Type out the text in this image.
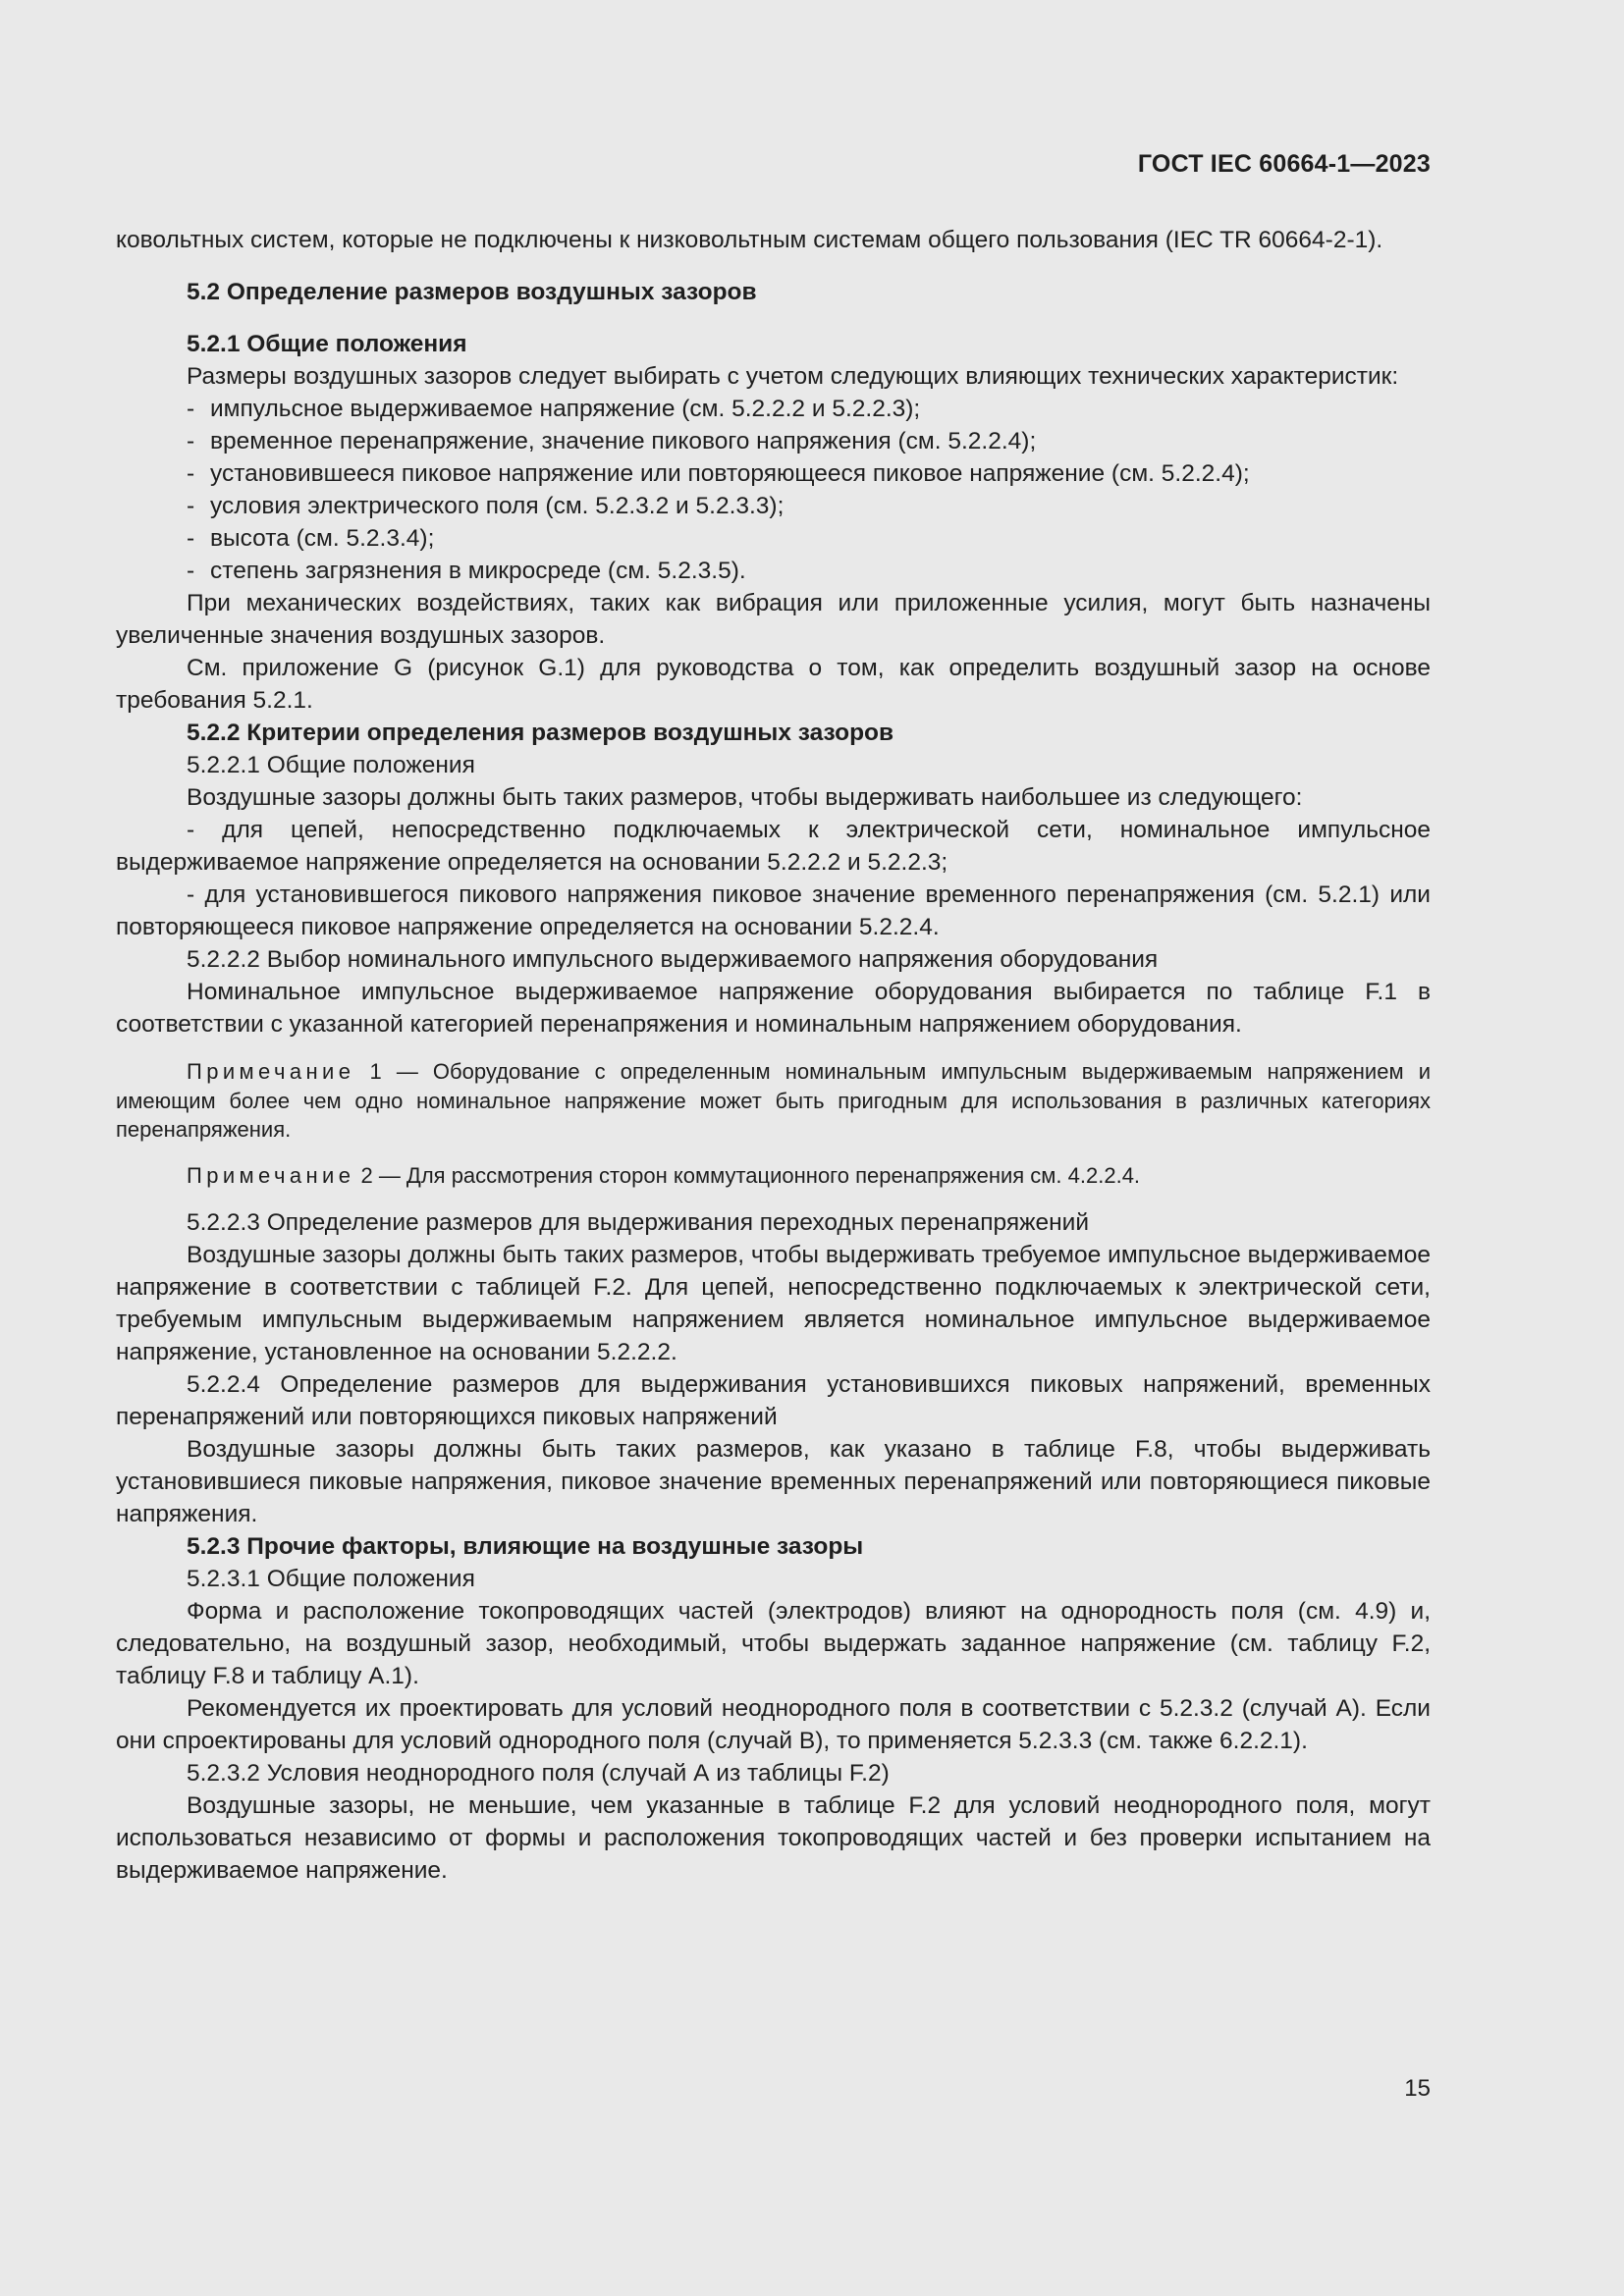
ГОСТ IEC 60664-1—2023

ковольтных систем, которые не подключены к низковольтным системам общего пользования (IEC TR 60664-2-1).

5.2 Определение размеров воздушных зазоров

5.2.1 Общие положения

Размеры воздушных зазоров следует выбирать с учетом следующих влияющих технических характеристик:

- импульсное выдерживаемое напряжение (см. 5.2.2.2 и 5.2.2.3);

- временное перенапряжение, значение пикового напряжения (см. 5.2.2.4);

- установившееся пиковое напряжение или повторяющееся пиковое напряжение (см. 5.2.2.4);

- условия электрического поля (см. 5.2.3.2 и 5.2.3.3);

- высота (см. 5.2.3.4);

- степень загрязнения в микросреде (см. 5.2.3.5).

При механических воздействиях, таких как вибрация или приложенные усилия, могут быть назначены увеличенные значения воздушных зазоров.

См. приложение G (рисунок G.1) для руководства о том, как определить воздушный зазор на основе требования 5.2.1.

5.2.2 Критерии определения размеров воздушных зазоров

5.2.2.1 Общие положения

Воздушные зазоры должны быть таких размеров, чтобы выдерживать наибольшее из следующего:

- для цепей, непосредственно подключаемых к электрической сети, номинальное импульсное выдерживаемое напряжение определяется на основании 5.2.2.2 и 5.2.2.3;

- для установившегося пикового напряжения пиковое значение временного перенапряжения (см. 5.2.1) или повторяющееся пиковое напряжение определяется на основании 5.2.2.4.

5.2.2.2 Выбор номинального импульсного выдерживаемого напряжения оборудования

Номинальное импульсное выдерживаемое напряжение оборудования выбирается по таблице F.1 в соответствии с указанной категорией перенапряжения и номинальным напряжением оборудования.

Примечание 1 — Оборудование с определенным номинальным импульсным выдерживаемым напряжением и имеющим более чем одно номинальное напряжение может быть пригодным для использования в различных категориях перенапряжения.

Примечание 2 — Для рассмотрения сторон коммутационного перенапряжения см. 4.2.2.4.

5.2.2.3 Определение размеров для выдерживания переходных перенапряжений

Воздушные зазоры должны быть таких размеров, чтобы выдерживать требуемое импульсное выдерживаемое напряжение в соответствии с таблицей F.2. Для цепей, непосредственно подключаемых к электрической сети, требуемым импульсным выдерживаемым напряжением является номинальное импульсное выдерживаемое напряжение, установленное на основании 5.2.2.2.

5.2.2.4 Определение размеров для выдерживания установившихся пиковых напряжений, временных перенапряжений или повторяющихся пиковых напряжений

Воздушные зазоры должны быть таких размеров, как указано в таблице F.8, чтобы выдерживать установившиеся пиковые напряжения, пиковое значение временных перенапряжений или повторяющиеся пиковые напряжения.

5.2.3 Прочие факторы, влияющие на воздушные зазоры

5.2.3.1 Общие положения

Форма и расположение токопроводящих частей (электродов) влияют на однородность поля (см. 4.9) и, следовательно, на воздушный зазор, необходимый, чтобы выдержать заданное напряжение (см. таблицу F.2, таблицу F.8 и таблицу A.1).

Рекомендуется их проектировать для условий неоднородного поля в соответствии с 5.2.3.2 (случай А). Если они спроектированы для условий однородного поля (случай В), то применяется 5.2.3.3 (см. также 6.2.2.1).

5.2.3.2 Условия неоднородного поля (случай А из таблицы F.2)

Воздушные зазоры, не меньшие, чем указанные в таблице F.2 для условий неоднородного поля, могут использоваться независимо от формы и расположения токопроводящих частей и без проверки испытанием на выдерживаемое напряжение.

15
